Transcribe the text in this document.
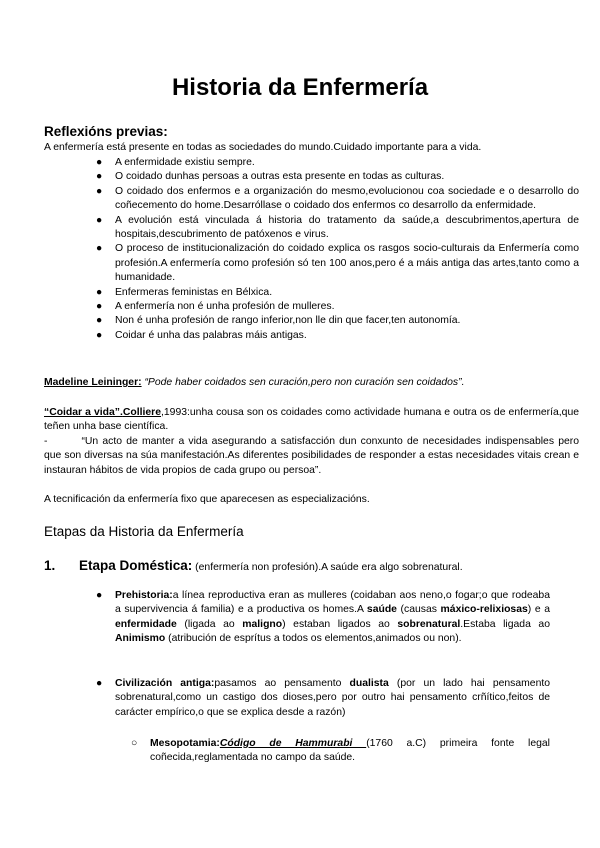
Historia da Enfermería
Reflexións previas:
A enfermería está presente en todas as sociedades do mundo.Cuidado importante para a vida.
● A enfermidade existiu sempre.
● O coidado dunhas persoas a outras esta presente en todas as culturas.
● O coidado dos enfermos e a organización do mesmo,evolucionou coa sociedade e o desarrollo do coñecemento do home.Desarróllase o coidado dos enfermos co desarrollo da enfermidade.
● A evolución está vinculada á historia do tratamento da saúde,a descubrimentos,apertura de hospitais,descubrimento de patóxenos e virus.
● O proceso de institucionalización do coidado explica os rasgos socio-culturais da Enfermería como profesión.A enfermería como profesión só ten 100 anos,pero é a máis antiga das artes,tanto como a humanidade.
● Enfermeras feministas en Bélxica.
● A enfermería non é unha profesión de mulleres.
● Non é unha profesión de rango inferior,non lle din que facer,ten autonomía.
● Coidar é unha das palabras máis antigas.
Madeline Leininger: “Pode haber coidados sen curación,pero non curación sen coidados”.
“Coidar a vida”.Colliere,1993:unha cousa son os coidades como actividade humana e outra os de enfermería,que teñen unha base científica.
-	“Un acto de manter a vida asegurando a satisfacción dun conxunto de necesidades indispensables pero que son diversas na súa manifestación.As diferentes posibilidades de responder a estas necesidades vitais crean e instauran hábitos de vida propios de cada grupo ou persoa”.
A tecnificación da enfermería fixo que aparecesen as especializacións.
Etapas da Historia da Enfermería
1. Etapa Doméstica: (enfermería non profesión).A saúde era algo sobrenatural.
● Prehistoria:a línea reproductiva eran as mulleres (coidaban aos neno,o fogar;o que rodeaba a supervivencia á familia) e a productiva os homes.A saúde (causas máxico-relixiosas) e a enfermidade (ligada ao maligno) estaban ligados ao sobrenatural.Estaba ligada ao Animismo (atribución de esprítus a todos os elementos,animados ou non).
● Civilización antiga:pasamos ao pensamento dualista (por un lado hai pensamento sobrenatural,como un castigo dos dioses,pero por outro hai pensamento crñítico,feitos de carácter empírico,o que se explica desde a razón)
○ Mesopotamia:Código de Hammurabi (1760 a.C) primeira fonte legal coñecida,reglamentada no campo da saúde.
